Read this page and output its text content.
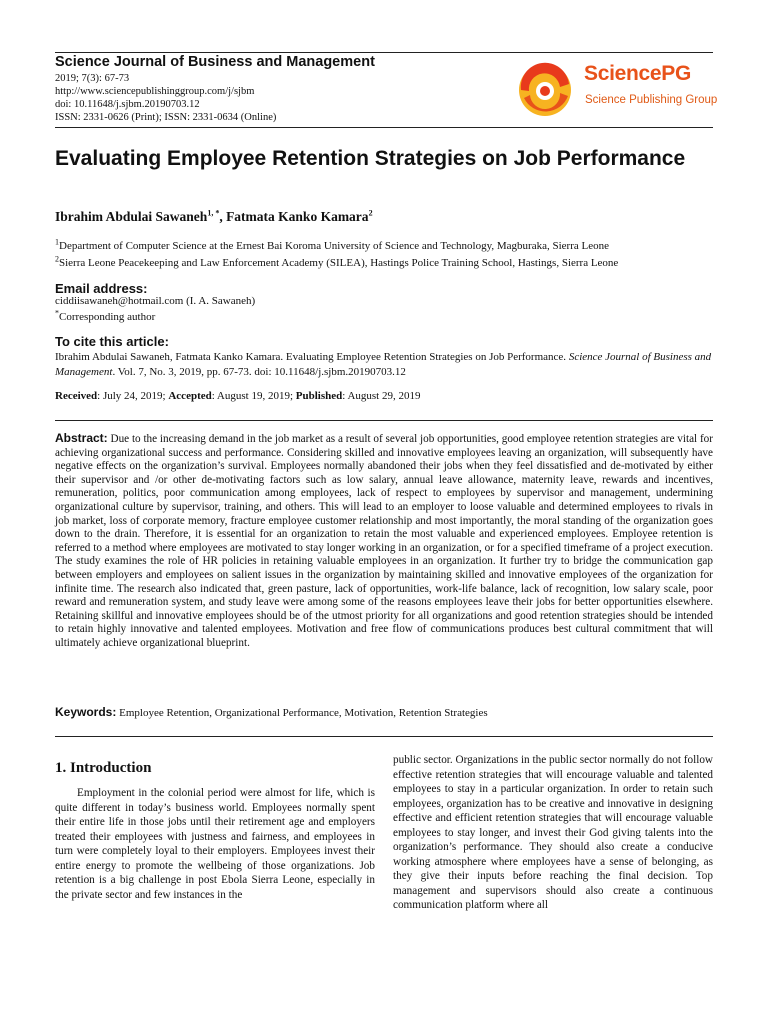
Science Journal of Business and Management
2019; 7(3): 67-73
http://www.sciencepublishinggroup.com/j/sjbm
doi: 10.11648/j.sjbm.20190703.12
ISSN: 2331-0626 (Print); ISSN: 2331-0634 (Online)
SciencePG
Science Publishing Group
Evaluating Employee Retention Strategies on Job Performance
Ibrahim Abdulai Sawaneh$^{1, *}$, Fatmata Kanko Kamara$^2$
$^1$Department of Computer Science at the Ernest Bai Koroma University of Science and Technology, Magburaka, Sierra Leone
$^2$Sierra Leone Peacekeeping and Law Enforcement Academy (SILEA), Hastings Police Training School, Hastings, Sierra Leone
Email address:
ciddiisawaneh@hotmail.com (I. A. Sawaneh)
*Corresponding author
To cite this article:
Ibrahim Abdulai Sawaneh, Fatmata Kanko Kamara. Evaluating Employee Retention Strategies on Job Performance. Science Journal of Business and Management. Vol. 7, No. 3, 2019, pp. 67-73. doi: 10.11648/j.sjbm.20190703.12
Received: July 24, 2019; Accepted: August 19, 2019; Published: August 29, 2019
Abstract: Due to the increasing demand in the job market as a result of several job opportunities, good employee retention strategies are vital for achieving organizational success and performance. Considering skilled and innovative employees leaving an organization, will subsequently have negative effects on the organization’s survival. Employees normally abandoned their jobs when they feel dissatisfied and de-motivated by either their supervisor and /or other de-motivating factors such as low salary, annual leave allowance, maternity leave, rewards and incentives, remuneration, politics, poor communication among employees, lack of respect to employees by supervisor and management, undermining organizational culture by supervisor, training, and others. This will lead to an employer to loose valuable and determined employees to rivals in job market, loss of corporate memory, fracture employee customer relationship and most importantly, the moral standing of the organization goes down to the drain. Therefore, it is essential for an organization to retain the most valuable and experienced employees. Employee retention is referred to a method where employees are motivated to stay longer working in an organization, or for a specified timeframe of a project execution. The study examines the role of HR policies in retaining valuable employees in an organization. It further try to bridge the communication gap between employers and employees on salient issues in the organization by maintaining skilled and innovative employees of the organization for infinite time. The research also indicated that, green pasture, lack of opportunities, work-life balance, lack of recognition, low salary scale, poor reward and remuneration system, and study leave were among some of the reasons employees leave their jobs for better opportunities elsewhere. Retaining skillful and innovative employees should be of the utmost priority for all organizations and good retention strategies should be intended to retain highly innovative and talented employees. Motivation and free flow of communications produces best cultural commitment that will ultimately achieve organizational blueprint.
Keywords: Employee Retention, Organizational Performance, Motivation, Retention Strategies
1. Introduction
Employment in the colonial period were almost for life, which is quite different in today’s business world. Employees normally spent their entire life in those jobs until their retirement age and employers treated their employees with justness and fairness, and employees in turn were completely loyal to their employers. Employees invest their entire energy to promote the wellbeing of those organizations. Job retention is a big challenge in post Ebola Sierra Leone, especially in the private sector and few instances in the
public sector. Organizations in the public sector normally do not follow effective retention strategies that will encourage valuable and talented employees to stay in a particular organization. In order to retain such employees, organization has to be creative and innovative in designing effective and efficient retention strategies that will encourage valuable employees to stay longer, and invest their God giving talents into the organization’s performance. They should also create a conducive working atmosphere where employees have a sense of belonging, as they give their inputs before reaching the final decision. Top management and supervisors should also create a continuous communication platform where all
